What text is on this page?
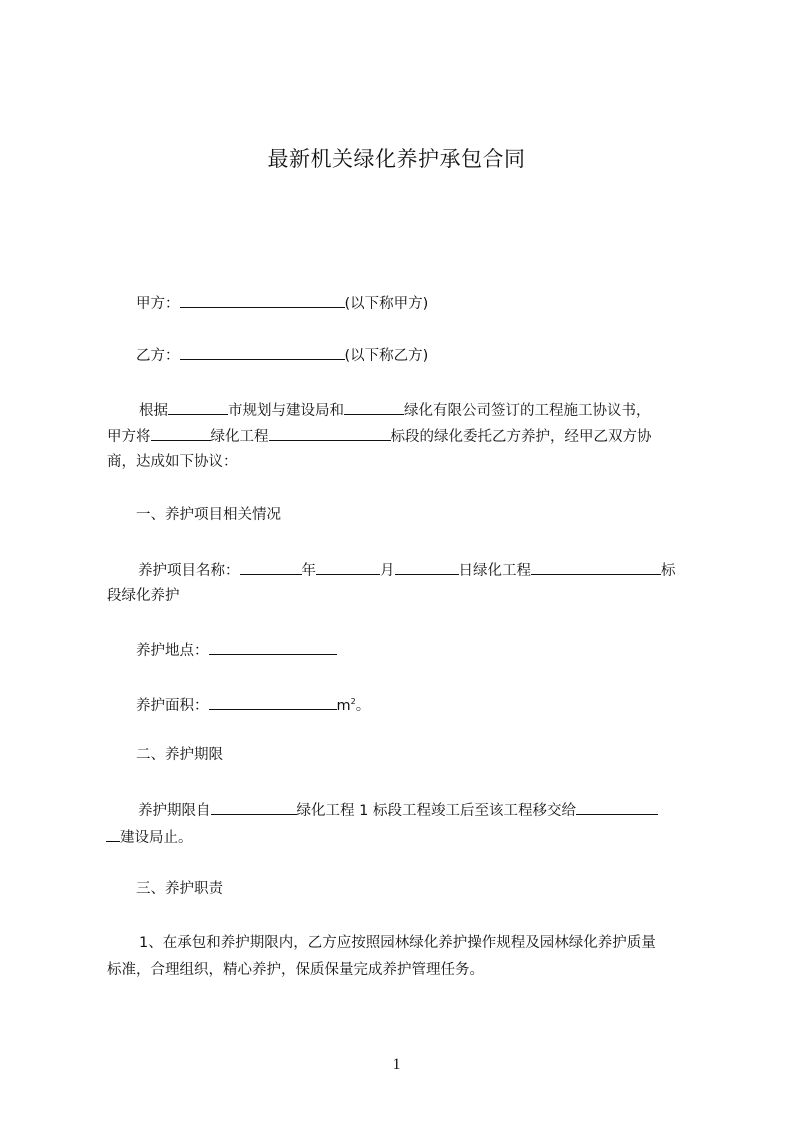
最新机关绿化养护承包合同
甲方：	(以下称甲方)
乙方：	(以下称乙方)
根据	市规划与建设局和	绿化有限公司签订的工程施工协议书，
甲方将	绿化工程	标段的绿化委托乙方养护，经甲乙双方协
商，达成如下协议：
一、养护项目相关情况
养护项目名称：	年	月	日绿化工程	标
段绿化养护
养护地点：
养护面积：	$m^2$。
二、养护期限
养护期限自	绿化工程 1 标段工程竣工后至该工程移交给
建设局止。
三、养护职责
1、在承包和养护期限内，乙方应按照园林绿化养护操作规程及园林绿化养护质量
标准，合理组织，精心养护，保质保量完成养护管理任务。
1
